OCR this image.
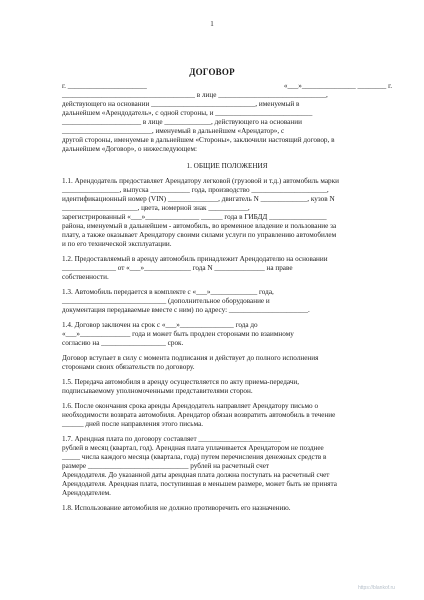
1
ДОГОВОР
г. ______________________	«___»_______________ ________ г.
_____________________________________ в лице ______________________________,
действующего на основании _____________________________, именуемый в
дальнейшем «Арендодатель», с одной стороны, и ___________________________
______________________ в лице _____________, действующего на основании
_________________________, именуемый в дальнейшем «Арендатор», с
другой стороны, именуемые в дальнейшем «Стороны», заключили настоящий договор, в
дальнейшем «Договор», о нижеследующем:
1. ОБЩИЕ ПОЛОЖЕНИЯ
1.1. Арендодатель предоставляет Арендатору легковой (грузовой и т.д.) автомобиль марки
________________, выпуска ___________ года, производство _____________________,
идентификационный номер (VIN) ______________, двигатель N _____________, кузов N
_____________________, цвета, номерной знак ___________,
зарегистрированный «___»_______________ ______ года в ГИБДД ________________
района, именуемый в дальнейшем - автомобиль, во временное владение и пользование за
плату, а также оказывает Арендатору своими силами услуги по управлению автомобилем
и по его технической эксплуатации.
1.2. Предоставляемый в аренду автомобиль принадлежит Арендодателю на основании
_______________ от «___»_____________ года N ______________ на праве
собственности.
1.3. Автомобиль передается в комплекте с «___»_____________ года,
_____________________________ (дополнительное оборудование и
документация передаваемые вместе с ним) по адресу: ______________________.
1.4. Договор заключен на срок с «___»_______________ года до
«___»______________ года и может быть продлен сторонами по взаимному
согласию на __________________ срок.
Договор вступает в силу с момента подписания и действует до полного исполнения
сторонами своих обязательств по договору.
1.5. Передача автомобиля в аренду осуществляется по акту приема-передачи,
подписываемому уполномоченными представителями сторон.
1.6. После окончания срока аренды Арендодатель направляет Арендатору письмо о
необходимости возврата автомобиля. Арендатор обязан возвратить автомобиль в течение
______ дней после направления этого письма.
1.7. Арендная плата по договору составляет _______________________
рублей в месяц (квартал, год). Арендная плата уплачивается Арендатором не позднее
_____ числа каждого месяца (квартала, года) путем перечисления денежных средств в
размере ____________________________ рублей на расчетный счет
Арендодателя. До указанной даты арендная плата должна поступать на расчетный счет
Арендодателя. Арендная плата, поступившая в меньшем размере, может быть не принята
Арендодателем.
1.8. Использование автомобиля не должно противоречить его назначению.
https://blankof.ru
